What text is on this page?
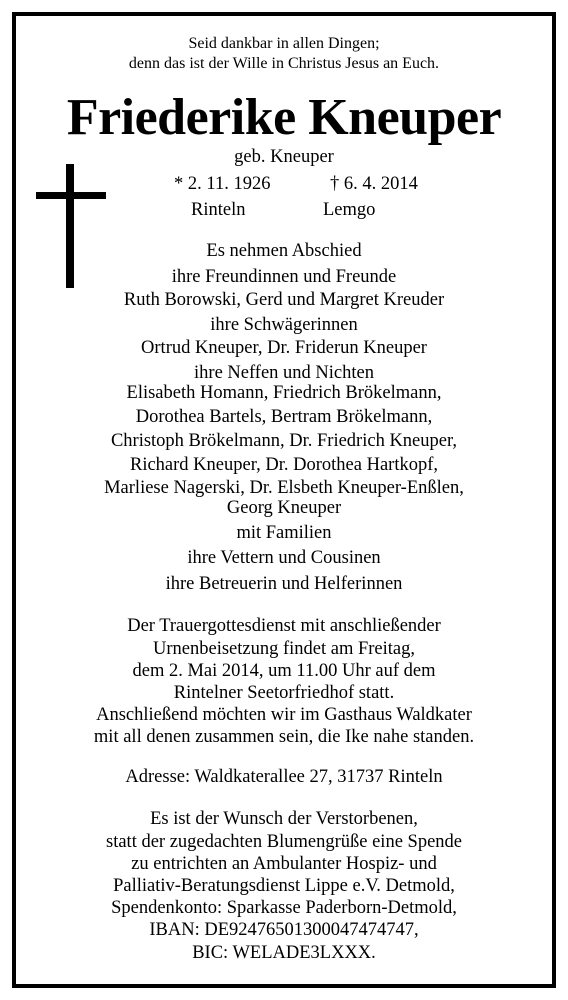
Seid dankbar in allen Dingen;
denn das ist der Wille in Christus Jesus an Euch.
Friederike Kneuper
geb. Kneuper
* 2. 11. 1926	† 6. 4. 2014
Rinteln	Lemgo
Es nehmen Abschied
ihre Freundinnen und Freunde
Ruth Borowski, Gerd und Margret Kreuder
ihre Schwägerinnen
Ortrud Kneuper, Dr. Friderun Kneuper
ihre Neffen und Nichten
Elisabeth Homann, Friedrich Brökelmann,
Dorothea Bartels, Bertram Brökelmann,
Christoph Brökelmann, Dr. Friedrich Kneuper,
Richard Kneuper, Dr. Dorothea Hartkopf,
Marliese Nagerski, Dr. Elsbeth Kneuper-Enßlen,
Georg Kneuper
mit Familien
ihre Vettern und Cousinen
ihre Betreuerin und Helferinnen
Der Trauergottesdienst mit anschließender
Urnenbeisetzung findet am Freitag,
dem 2. Mai 2014, um 11.00 Uhr auf dem
Rintelner Seetorfriedhof statt.
Anschließend möchten wir im Gasthaus Waldkater
mit all denen zusammen sein, die Ike nahe standen.
Adresse: Waldkaterallee 27, 31737 Rinteln
Es ist der Wunsch der Verstorbenen,
statt der zugedachten Blumengrüße eine Spende
zu entrichten an Ambulanter Hospiz- und
Palliativ-Beratungsdienst Lippe e.V. Detmold,
Spendenkonto: Sparkasse Paderborn-Detmold,
IBAN: DE92476501300047474747,
BIC: WELADE3LXXX.
